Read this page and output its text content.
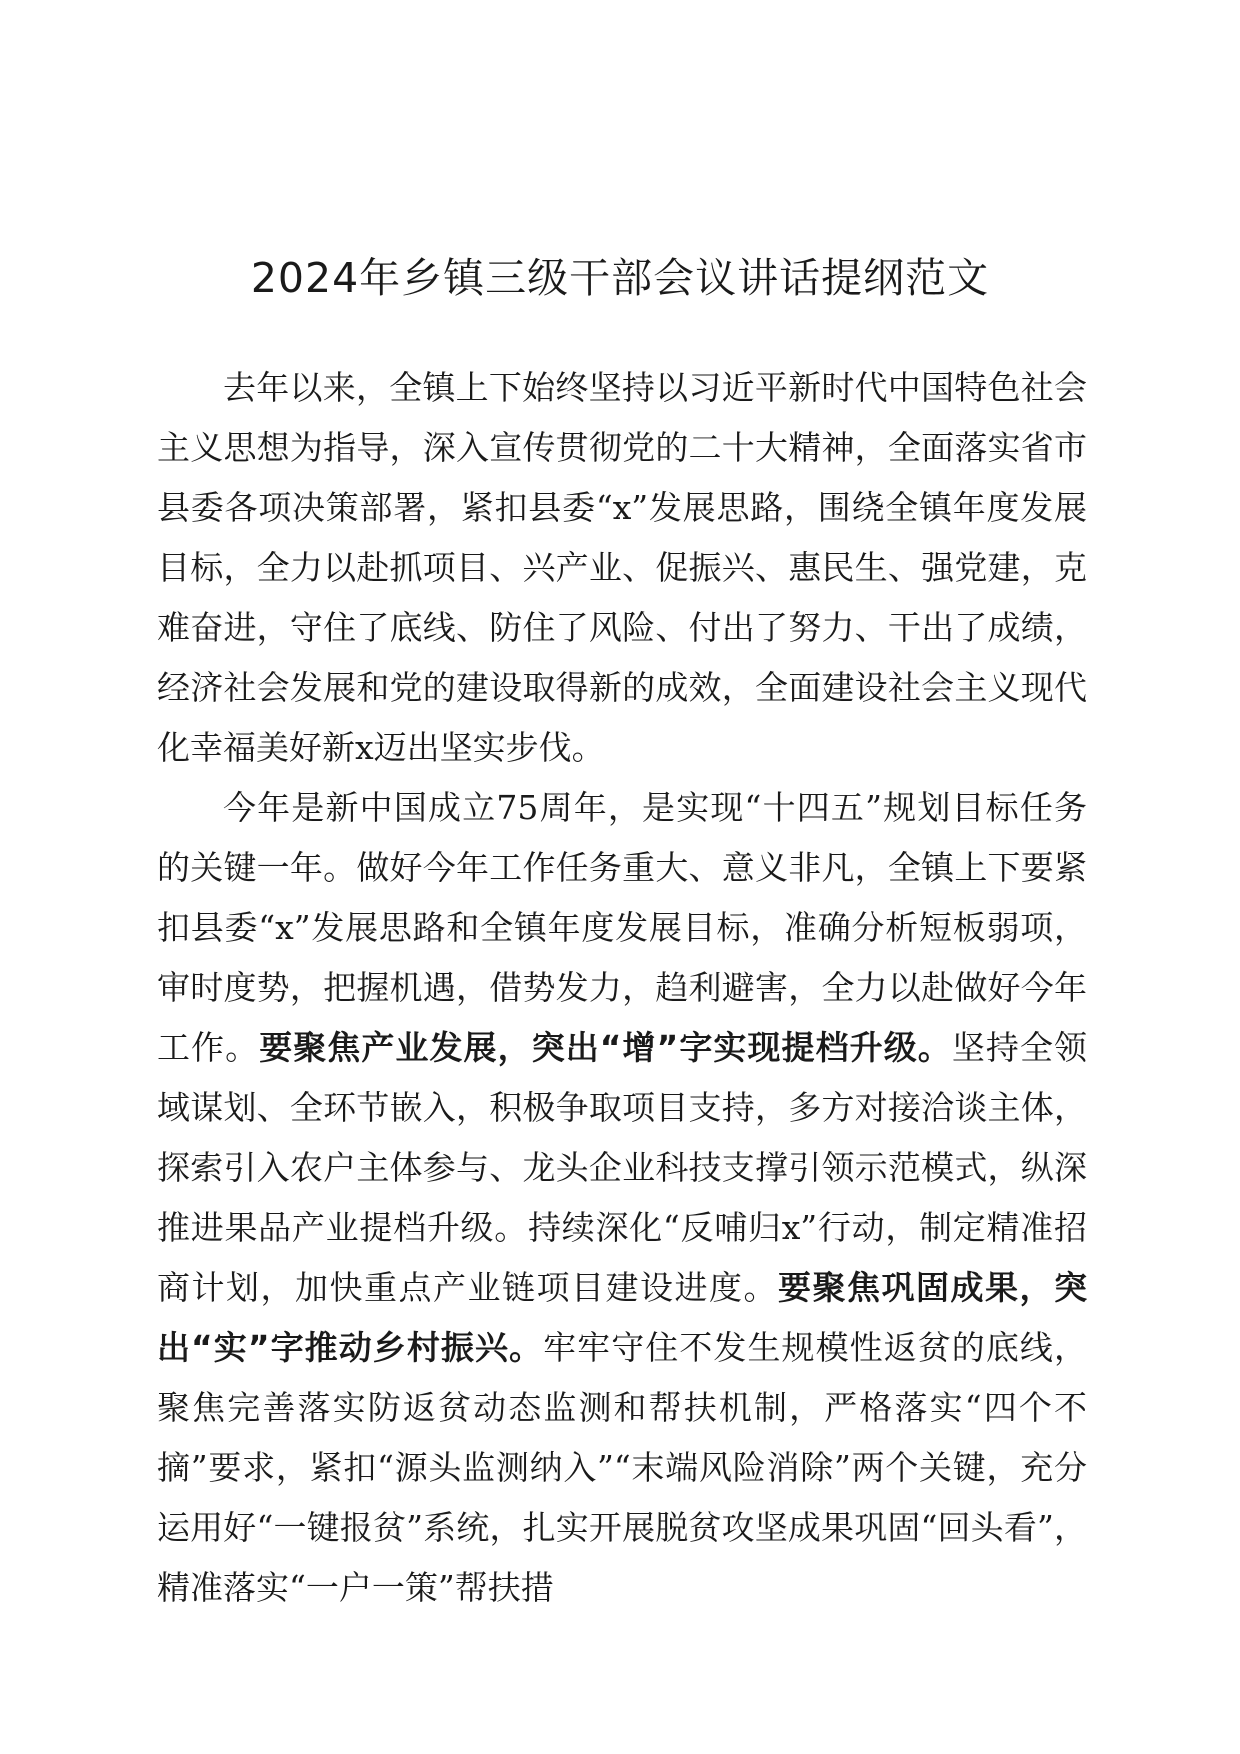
2024年乡镇三级干部会议讲话提纲范文

去年以来，全镇上下始终坚持以习近平新时代中国特色社会主义思想为指导，深入宣传贯彻党的二十大精神，全面落实省市县委各项决策部署，紧扣县委“x”发展思路，围绕全镇年度发展目标，全力以赴抓项目、兴产业、促振兴、惠民生、强党建，克难奋进，守住了底线、防住了风险、付出了努力、干出了成绩，经济社会发展和党的建设取得新的成效，全面建设社会主义现代化幸福美好新x迈出坚实步伐。

今年是新中国成立75周年，是实现“十四五”规划目标任务的关键一年。做好今年工作任务重大、意义非凡，全镇上下要紧扣县委“x”发展思路和全镇年度发展目标，准确分析短板弱项，审时度势，把握机遇，借势发力，趋利避害，全力以赴做好今年工作。要聚焦产业发展，突出“增”字实现提档升级。坚持全领域谋划、全环节嵌入，积极争取项目支持，多方对接洽谈主体，探索引入农户主体参与、龙头企业科技支撑引领示范模式，纵深推进果品产业提档升级。持续深化“反哺归x”行动，制定精准招商计划，加快重点产业链项目建设进度。要聚焦巩固成果，突出“实”字推动乡村振兴。牢牢守住不发生规模性返贫的底线，聚焦完善落实防返贫动态监测和帮扶机制，严格落实“四个不摘”要求，紧扣“源头监测纳入”“末端风险消除”两个关键，充分运用好“一键报贫”系统，扎实开展脱贫攻坚成果巩固“回头看”，精准落实“一户一策”帮扶措
